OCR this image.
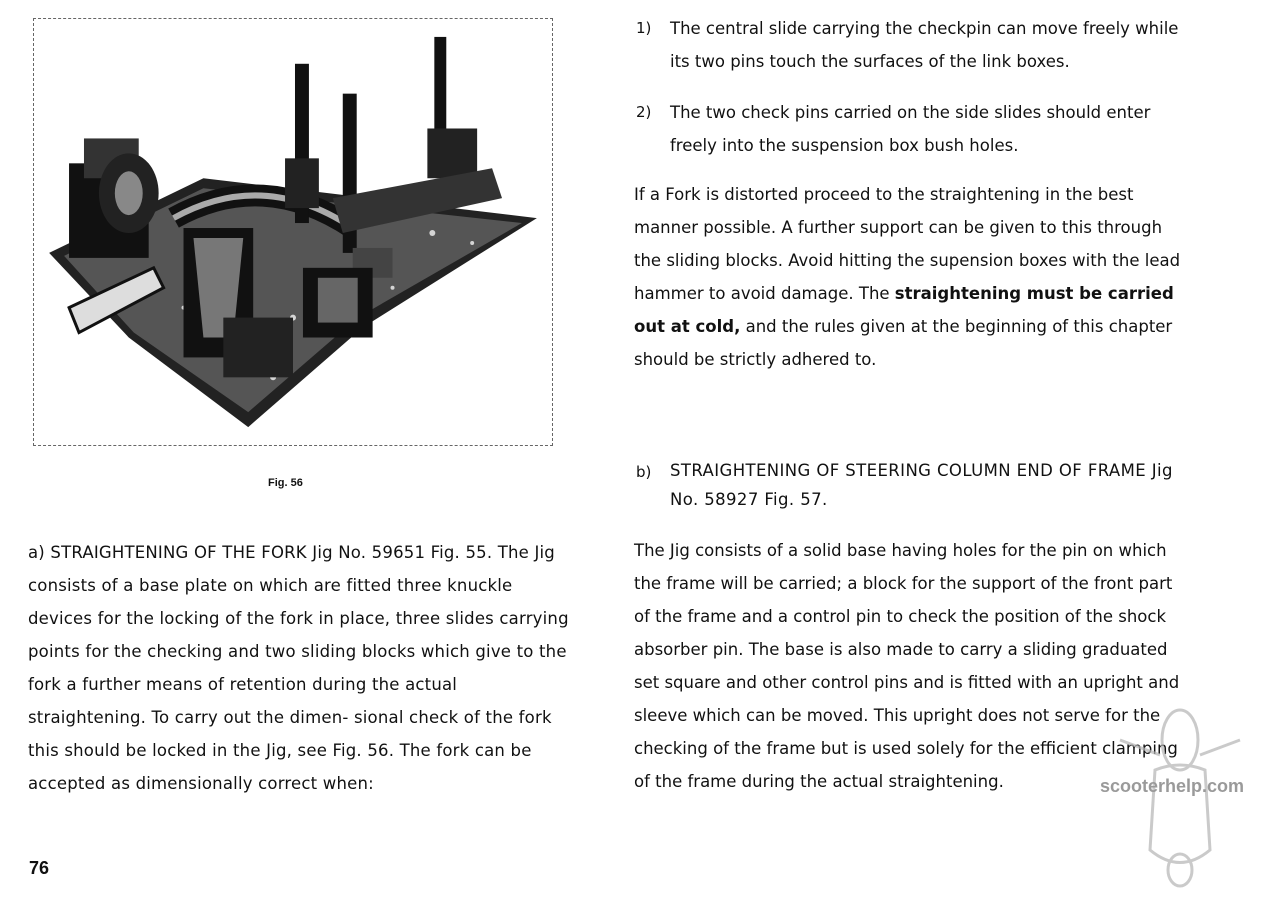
Fig. 56

a) STRAIGHTENING OF THE FORK Jig No. 59651 Fig. 55. The Jig consists of a base plate on which are fitted three knuckle devices for the locking of the fork in place, three slides carrying points for the checking and two sliding blocks which give to the fork a further means of retention during the actual straightening. To carry out the dimen- sional check of the fork this should be locked in the Jig, see Fig. 56. The fork can be accepted as dimensionally correct when:

76
1)	The central slide carrying the checkpin can move freely while its two pins touch the surfaces of the link boxes.
2)	The two check pins carried on the side slides should enter freely into the suspension box bush holes.
If a Fork is distorted proceed to the straightening in the best manner possible. A further support can be given to this through the sliding blocks. Avoid hitting the supension boxes with the lead hammer to avoid damage. The straightening must be carried out at cold, and the rules given at the beginning of this chapter should be strictly adhered to.
b)	STRAIGHTENING OF STEERING COLUMN END OF FRAME Jig No. 58927 Fig. 57.
The Jig consists of a solid base having holes for the pin on which the frame will be carried; a block for the support of the front part of the frame and a control pin to check the position of the shock absorber pin. The base is also made to carry a sliding graduated set square and other control pins and is fitted with an upright and sleeve which can be moved. This upright does not serve for the checking of the frame but is used solely for the efficient clamping of the frame during the actual straightening.	scooterhelp.com
